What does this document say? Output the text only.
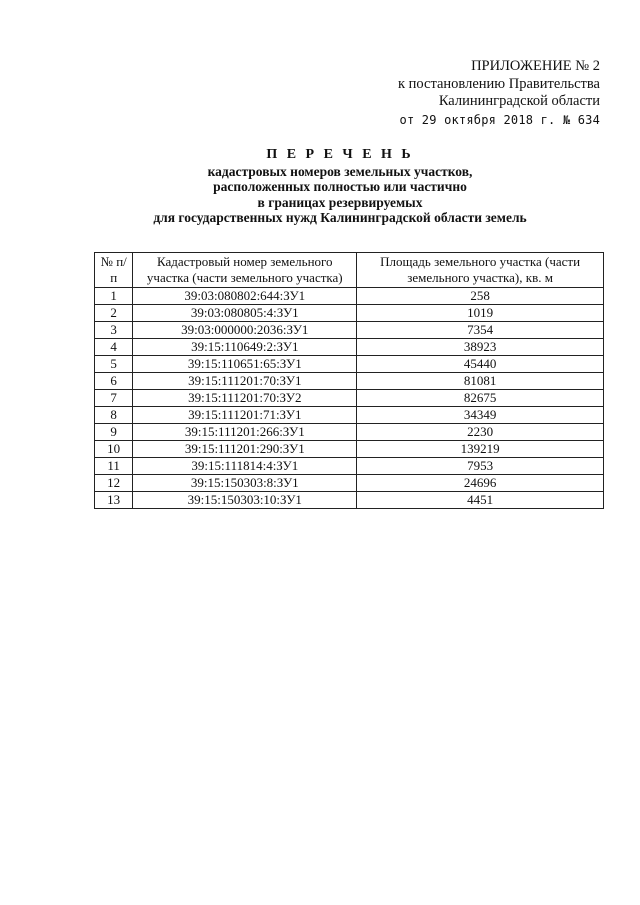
ПРИЛОЖЕНИЕ № 2
к постановлению Правительства
Калининградской области
от 29 октября 2018 г. № 634
П Е Р Е Ч Е Н Ь
кадастровых номеров земельных участков,
расположенных полностью или частично
в границах резервируемых
для государственных нужд Калининградской области земель
№ п/п	Кадастровый номер земельного участка (части земельного участка)	Площадь земельного участка (части земельного участка), кв. м
1	39:03:080802:644:ЗУ1	258
2	39:03:080805:4:ЗУ1	1019
3	39:03:000000:2036:ЗУ1	7354
4	39:15:110649:2:ЗУ1	38923
5	39:15:110651:65:ЗУ1	45440
6	39:15:111201:70:ЗУ1	81081
7	39:15:111201:70:ЗУ2	82675
8	39:15:111201:71:ЗУ1	34349
9	39:15:111201:266:ЗУ1	2230
10	39:15:111201:290:ЗУ1	139219
11	39:15:111814:4:ЗУ1	7953
12	39:15:150303:8:ЗУ1	24696
13	39:15:150303:10:ЗУ1	4451
